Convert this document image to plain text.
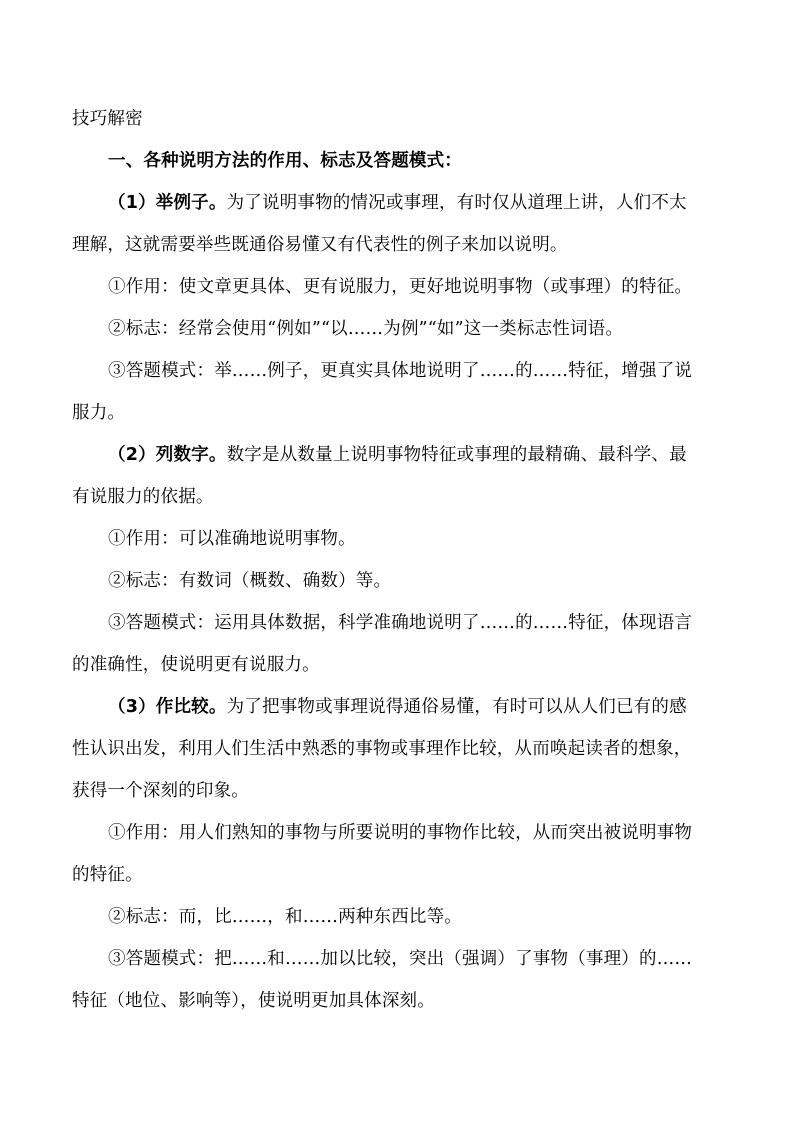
技巧解密
一、各种说明方法的作用、标志及答题模式：
（1）举例子。为了说明事物的情况或事理，有时仅从道理上讲，人们不太
理解，这就需要举些既通俗易懂又有代表性的例子来加以说明。
①作用：使文章更具体、更有说服力，更好地说明事物（或事理）的特征。
②标志：经常会使用“例如”“以……为例”“如”这一类标志性词语。
③答题模式：举……例子，更真实具体地说明了……的……特征，增强了说
服力。
（2）列数字。数字是从数量上说明事物特征或事理的最精确、最科学、最
有说服力的依据。
①作用：可以准确地说明事物。
②标志：有数词（概数、确数）等。
③答题模式：运用具体数据，科学准确地说明了……的……特征，体现语言
的准确性，使说明更有说服力。
（3）作比较。为了把事物或事理说得通俗易懂，有时可以从人们已有的感
性认识出发，利用人们生活中熟悉的事物或事理作比较，从而唤起读者的想象，
获得一个深刻的印象。
①作用：用人们熟知的事物与所要说明的事物作比较，从而突出被说明事物
的特征。
②标志：而，比……，和……两种东西比等。
③答题模式：把……和……加以比较，突出（强调）了事物（事理）的……
特征（地位、影响等），使说明更加具体深刻。
